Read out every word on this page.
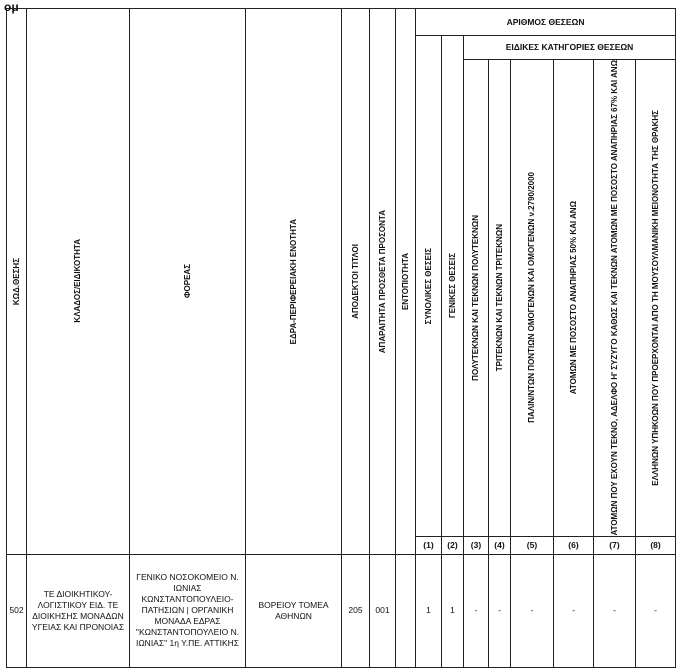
ομ
ΚΩΔ.ΘΕΣΗΣ	ΚΛΑΔΟΣ/ΕΙΔΙΚΟΤΗΤΑ	ΦΟΡΕΑΣ	ΕΔΡΑ-ΠΕΡΙΦΕΡΕΙΑΚΗ ΕΝΟΤΗΤΑ	ΑΠΟΔΕΚΤΟΙ ΤΙΤΛΟΙ	ΑΠΑΡΑΙΤΗΤΑ ΠΡΟΣΘΕΤΑ ΠΡΟΣΟΝΤΑ	ΕΝΤΟΠΙΟΤΗΤΑ	ΑΡΙΘΜΟΣ ΘΕΣΕΩΝ							

							ΣΥΝΟΛΙΚΕΣ ΘΕΣΕΙΣ	ΓΕΝΙΚΕΣ ΘΕΣΕΙΣ	ΕΙΔΙΚΕΣ ΚΑΤΗΓΟΡΙΕΣ ΘΕΣΕΩΝ					

									ΠΟΛΥΤΕΚΝΩΝ ΚΑΙ ΤΕΚΝΩΝ ΠΟΛΥΤΕΚΝΩΝ	ΤΡΙΤΕΚΝΩΝ ΚΑΙ ΤΕΚΝΩΝ ΤΡΙΤΕΚΝΩΝ	ΠΑΛΙΝ/ΝΤΩΝ ΠΟΝΤΙΩΝ ΟΜΟΓΕΝΩΝ ΚΑΙ ΟΜΟΓΕΝΩΝ ν.2790/2000	ΑΤΟΜΩΝ ΜΕ ΠΟΣΟΣΤΟ ΑΝΑΠΗΡΙΑΣ 50% ΚΑΙ ΑΝΩ	ΑΤΟΜΩΝ ΠΟΥ ΕΧΟΥΝ ΤΕΚΝΟ, ΑΔΕΛΦΟ Η' ΣΥΖΥΓΟ ΚΑΘΩΣ ΚΑΙ ΤΕΚΝΩΝ ΑΤΟΜΩΝ ΜΕ ΠΟΣΟΣΤΟ ΑΝΑΠΗΡΙΑΣ 67% ΚΑΙ ΑΝΩ	ΕΛΛΗΝΩΝ ΥΠΗΚΟΩΝ ΠΟΥ ΠΡΟΕΡΧΟΝΤΑΙ ΑΠΟ ΤΗ ΜΟΥΣΟΥΛΜΑΝΙΚΗ ΜΕΙΟΝΟΤΗΤΑ ΤΗΣ ΘΡΑΚΗΣ

							(1)	(2)	(3)	(4)	(5)	(6)	(7)	(8)
502	ΤΕ ΔΙΟΙΚΗΤΙΚΟΥ-ΛΟΓΙΣΤΙΚΟΥ ΕΙΔ. ΤΕ ΔΙΟΙΚΗΣΗΣ ΜΟΝΑΔΩΝ ΥΓΕΙΑΣ ΚΑΙ ΠΡΟΝΟΙΑΣ	ΓΕΝΙΚΟ ΝΟΣΟΚΟΜΕΙΟ Ν. ΙΩΝΙΑΣ ΚΩΝΣΤΑΝΤΟΠΟΥΛΕΙΟ-ΠΑΤΗΣΙΩΝ | ΟΡΓΑΝΙΚΗ ΜΟΝΑΔΑ ΕΔΡΑΣ "ΚΩΝΣΤΑΝΤΟΠΟΥΛΕΙΟ Ν. ΙΩΝΙΑΣ" 1η Υ.ΠΕ. ΑΤΤΙΚΗΣ	ΒΟΡΕΙΟΥ ΤΟΜΕΑ ΑΘΗΝΩΝ	205	001		1	1	-	-	-	-	-	-
